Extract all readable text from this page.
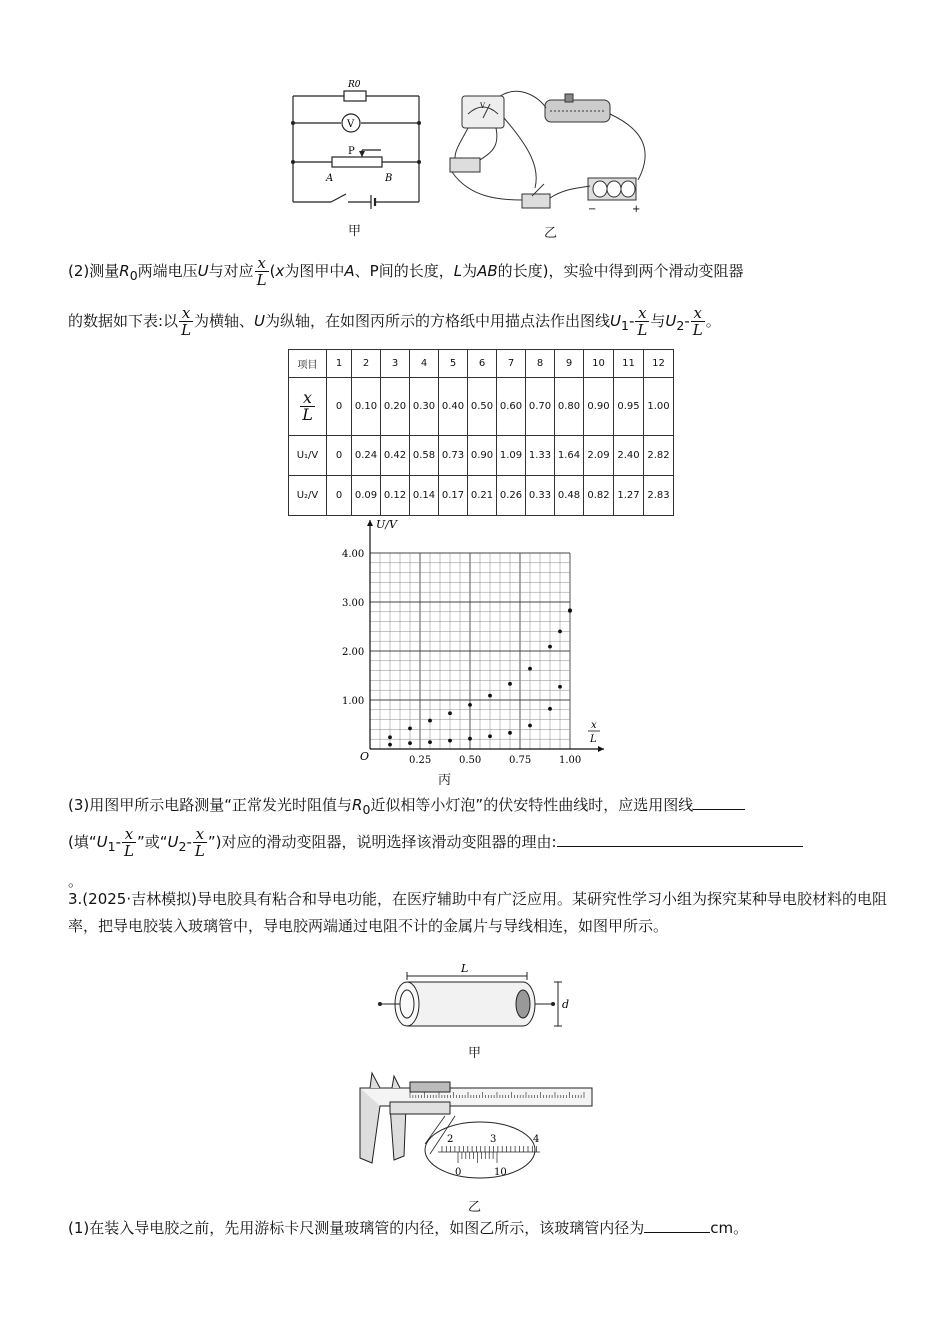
R0
V
P
A	B
甲
V
−	+
乙
(2)测量$R_0$两端电压U与对应 $\frac{x}{L} (x$为图甲中A、P间的长度，L为AB的长度)，实验中得到两个滑动变阻器
的数据如下表:以 $\frac{x}{L}$ 为横轴、U为纵轴，在如图丙所示的方格纸中用描点法作出图线$U_1- \frac{x}{L}$ 与$U_2- \frac{x}{L}$ 。
项目	1	2	3	4	5	6	7	8	9	10	11	12

$\frac{x}{L}$	0	0.10	0.20	0.30	0.40	0.50	0.60	0.70	0.80	0.90	0.95	1.00
U₁/V	0	0.24	0.42	0.58	0.73	0.90	1.09	1.33	1.64	2.09	2.40	2.82
U₂/V	0	0.09	0.12	0.14	0.17	0.21	0.26	0.33	0.48	0.82	1.27	2.83
U/V
O
x
L
0.25	0.50	0.75	1.00
1.00
2.00
3.00
4.00
丙
(3)用图甲所示电路测量“正常发光时阻值与$R_0$近似相等小灯泡”的伏安特性曲线时，应选用图线
(填“$U_1- \frac{x}{L}$ ”或“$U_2- \frac{x}{L}$ ”)对应的滑动变阻器，说明选择该滑动变阻器的理由:
。
3.(2025·吉林模拟)导电胶具有粘合和导电功能，在医疗辅助中有广泛应用。某研究性学习小组为探究某种导电胶材料的电阻率，把导电胶装入玻璃管中，导电胶两端通过电阻不计的金属片与导线相连，如图甲所示。
L
d
甲
2	3	4
0	10
乙
(1)在装入导电胶之前，先用游标卡尺测量玻璃管的内径，如图乙所示，该玻璃管内径为	cm。
